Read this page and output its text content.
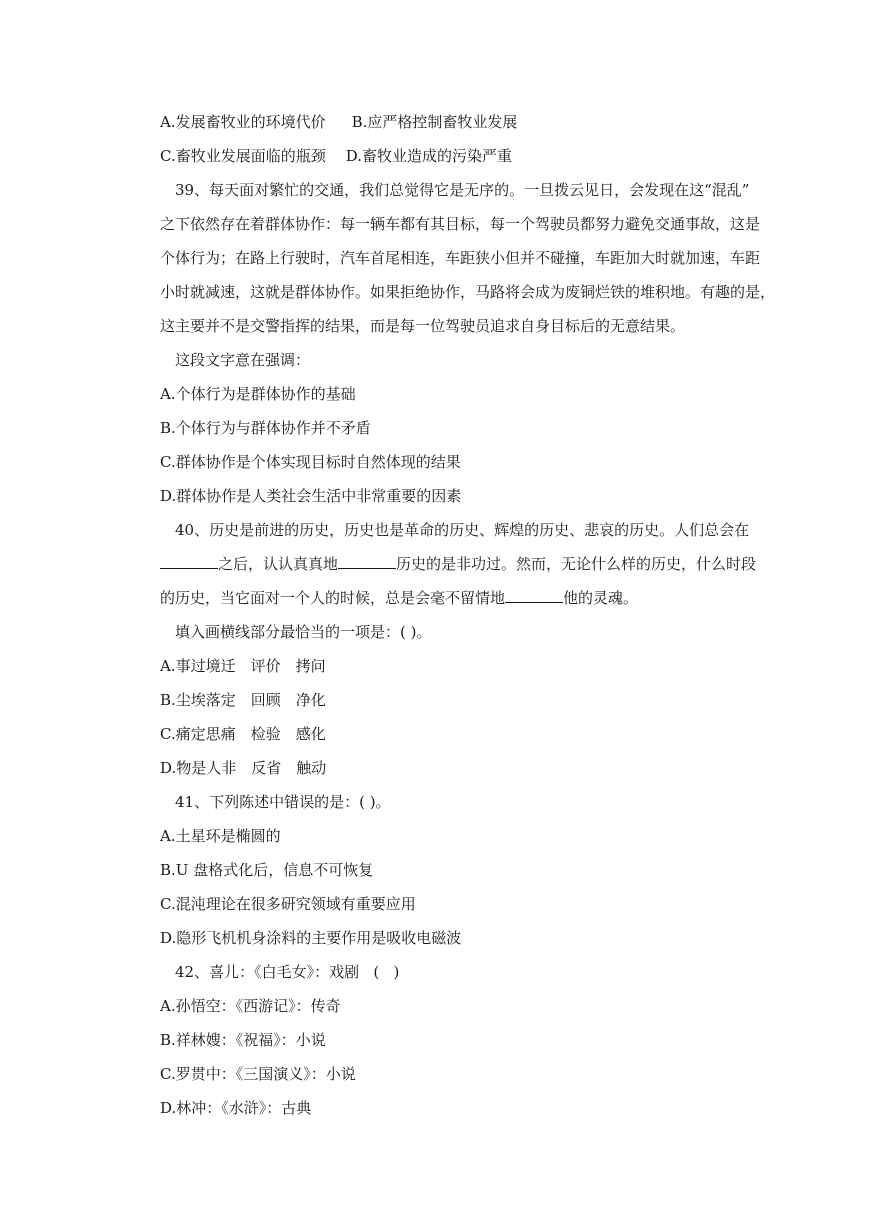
A.发展畜牧业的环境代价 B.应严格控制畜牧业发展
C.畜牧业发展面临的瓶颈 D.畜牧业造成的污染严重
39、每天面对繁忙的交通，我们总觉得它是无序的。一旦拨云见日，会发现在这“混乱”
之下依然存在着群体协作：每一辆车都有其目标，每一个驾驶员都努力避免交通事故，这是
个体行为；在路上行驶时，汽车首尾相连，车距狭小但并不碰撞，车距加大时就加速，车距
小时就减速，这就是群体协作。如果拒绝协作，马路将会成为废铜烂铁的堆积地。有趣的是，
这主要并不是交警指挥的结果，而是每一位驾驶员追求自身目标后的无意结果。
这段文字意在强调：
A.个体行为是群体协作的基础
B.个体行为与群体协作并不矛盾
C.群体协作是个体实现目标时自然体现的结果
D.群体协作是人类社会生活中非常重要的因素
40、历史是前进的历史，历史也是革命的历史、辉煌的历史、悲哀的历史。人们总会在
之后，认认真真地	历史的是非功过。然而，无论什么样的历史，什么时段
的历史，当它面对一个人的时候，总是会毫不留情地	他的灵魂。
填入画横线部分最恰当的一项是：( )。
A.事过境迁 评价 拷问
B.尘埃落定 回顾 净化
C.痛定思痛 检验 感化
D.物是人非 反省 触动
41、下列陈述中错误的是：( )。
A.土星环是椭圆的
B.U 盘格式化后，信息不可恢复
C.混沌理论在很多研究领域有重要应用
D.隐形飞机机身涂料的主要作用是吸收电磁波
42、喜儿：《白毛女》：戏剧   (   )
A.孙悟空：《西游记》：传奇
B.祥林嫂：《祝福》：小说
C.罗贯中：《三国演义》：小说
D.林冲：《水浒》：古典
